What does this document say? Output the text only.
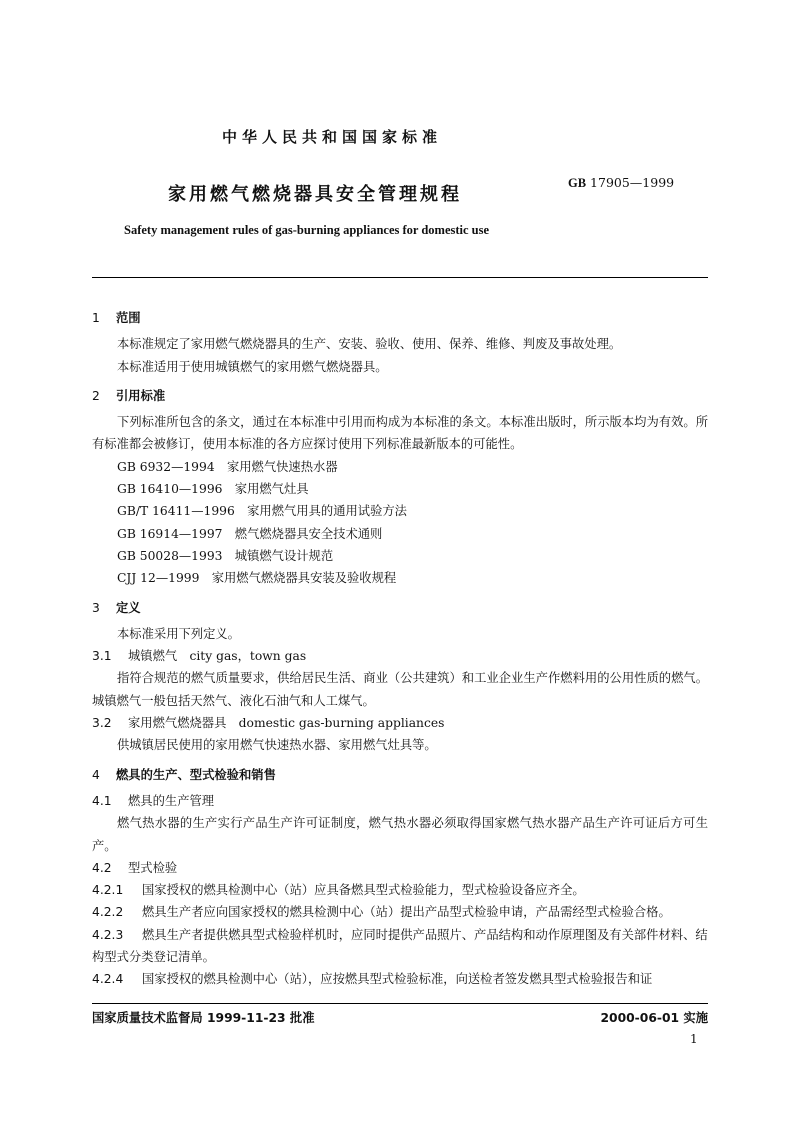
中华人民共和国国家标准
家用燃气燃烧器具安全管理规程
GB 17905—1999
Safety management rules of gas-burning appliances for domestic use
1 范围
本标准规定了家用燃气燃烧器具的生产、安装、验收、使用、保养、维修、判废及事故处理。
本标准适用于使用城镇燃气的家用燃气燃烧器具。
2 引用标准
下列标准所包含的条文，通过在本标准中引用而构成为本标准的条文。本标准出版时，所示版本均为有效。所有标准都会被修订，使用本标准的各方应探讨使用下列标准最新版本的可能性。
GB 6932—1994　家用燃气快速热水器
GB 16410—1996　家用燃气灶具
GB/T 16411—1996　家用燃气用具的通用试验方法
GB 16914—1997　燃气燃烧器具安全技术通则
GB 50028—1993　城镇燃气设计规范
CJJ 12—1999　家用燃气燃烧器具安装及验收规程
3 定义
本标准采用下列定义。
3.1 城镇燃气　city gas，town gas
指符合规范的燃气质量要求，供给居民生活、商业（公共建筑）和工业企业生产作燃料用的公用性质的燃气。城镇燃气一般包括天然气、液化石油气和人工煤气。
3.2 家用燃气燃烧器具　domestic gas-burning appliances
供城镇居民使用的家用燃气快速热水器、家用燃气灶具等。
4 燃具的生产、型式检验和销售
4.1 燃具的生产管理
燃气热水器的生产实行产品生产许可证制度，燃气热水器必须取得国家燃气热水器产品生产许可证后方可生产。
4.2 型式检验
4.2.1 国家授权的燃具检测中心（站）应具备燃具型式检验能力，型式检验设备应齐全。
4.2.2 燃具生产者应向国家授权的燃具检测中心（站）提出产品型式检验申请，产品需经型式检验合格。
4.2.3 燃具生产者提供燃具型式检验样机时，应同时提供产品照片、产品结构和动作原理图及有关部件材料、结构型式分类登记清单。
4.2.4 国家授权的燃具检测中心（站），应按燃具型式检验标准，向送检者签发燃具型式检验报告和证
国家质量技术监督局 1999-11-23 批准	2000-06-01 实施
1
